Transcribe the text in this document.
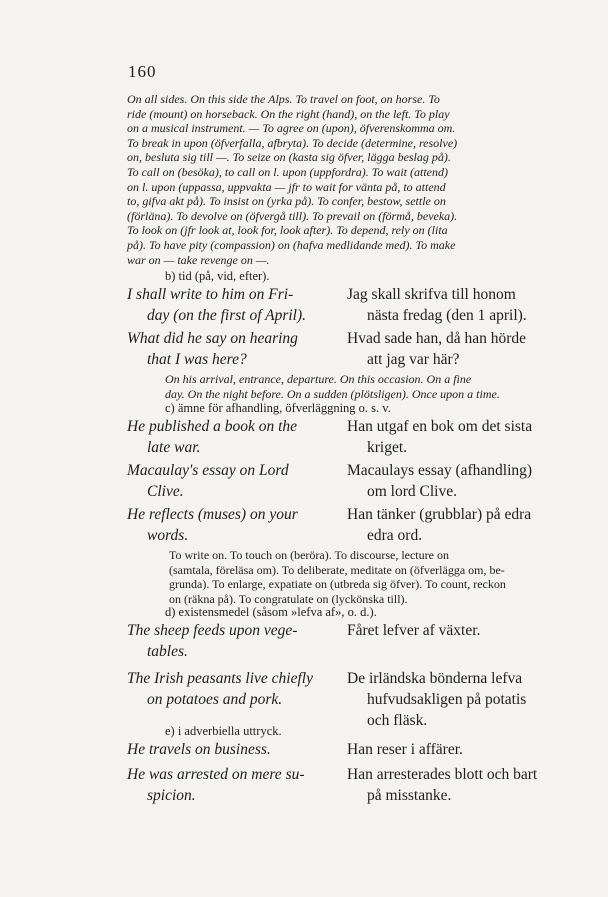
160

On all sides. On this side the Alps. To travel on foot, on horse. To
ride (mount) on horseback. On the right (hand), on the left. To play
on a musical instrument. — To agree on (upon), öfverenskomma om.
To break in upon (öfverfalla, afbryta). To decide (determine, resolve)
on, besluta sig till —. To seize on (kasta sig öfver, lägga beslag på).
To call on (besöka), to call on l. upon (uppfordra). To wait (attend)
on l. upon (uppassa, uppvakta — jfr to wait for vänta på, to attend
to, gifva akt på). To insist on (yrka på). To confer, bestow, settle on
(förläna). To devolve on (öfvergå till). To prevail on (förmå, beveka).
To look on (jfr look at, look for, look after). To depend, rely on (lita
på). To have pity (compassion) on (hafva medlidande med). To make
war on — take revenge on —.

b) tid (på, vid, efter).

I shall write to him on Fri-
day (on the first of April).
Jag skall skrifva till honom
nästa fredag (den 1 april).
What did he say on hearing
that I was here?
Hvad sade han, då han hörde
att jag var här?

On his arrival, entrance, departure. On this occasion. On a fine
day. On the night before. On a sudden (plötsligen). Once upon a time.

c) ämne för afhandling, öfverläggning o. s. v.

He published a book on the
late war.
Han utgaf en bok om det sista
kriget.
Macaulay's essay on Lord
Clive.
Macaulays essay (afhandling)
om lord Clive.
He reflects (muses) on your
words.
Han tänker (grubblar) på edra
edra ord.

To write on. To touch on (beröra). To discourse, lecture on
(samtala, föreläsa om). To deliberate, meditate on (öfverlägga om, be-
grunda). To enlarge, expatiate on (utbreda sig öfver). To count, reckon
on (räkna på). To congratulate on (lyckönska till).

d) existensmedel (såsom »lefva af», o. d.).

The sheep feeds upon vege-
tables.
Fåret lefver af växter.
The Irish peasants live chiefly
on potatoes and pork.
De irländska bönderna lefva
hufvudsakligen på potatis
och fläsk.

e) i adverbiella uttryck.

He travels on business.	Han reser i affärer.
He was arrested on mere su-
spicion.
Han arresterades blott och bart
på misstanke.
